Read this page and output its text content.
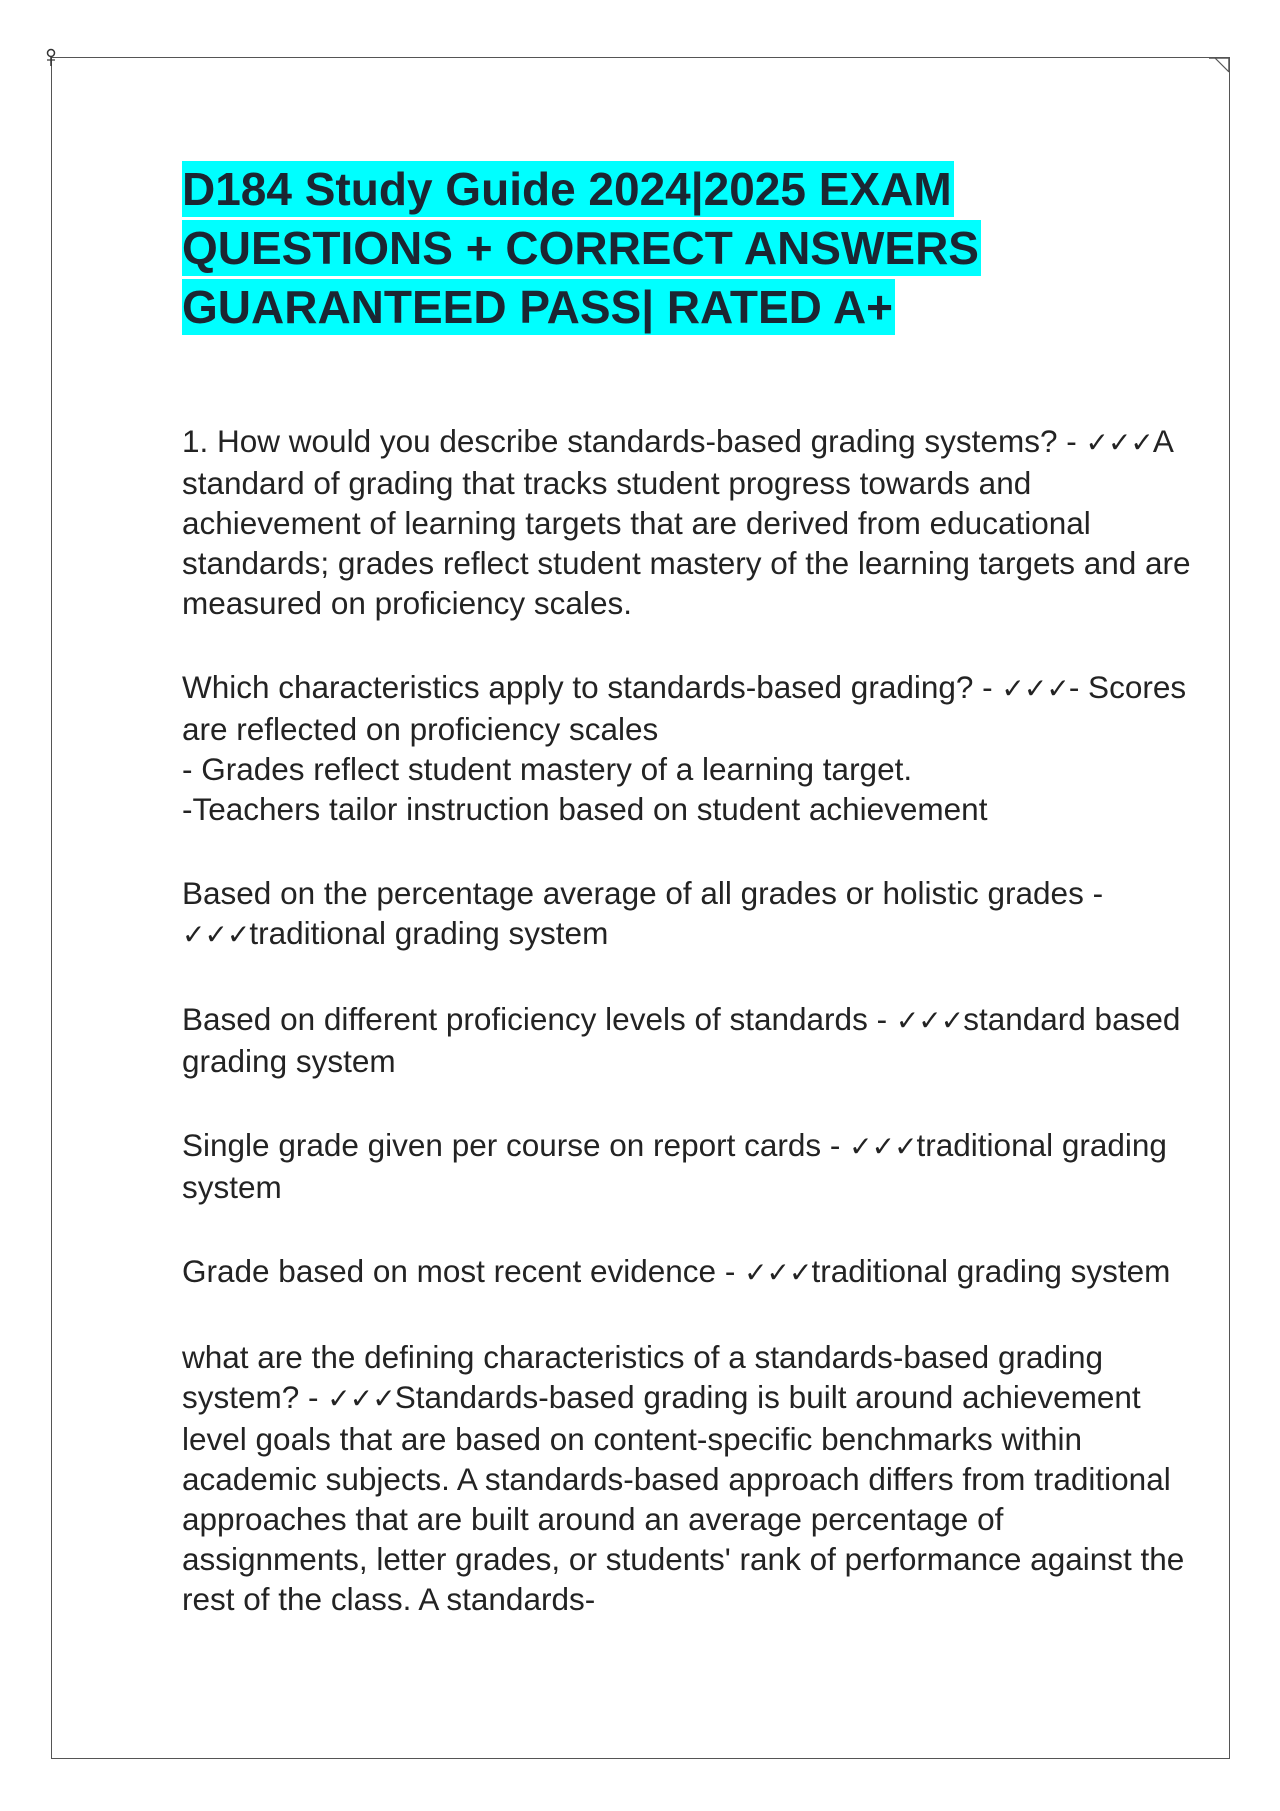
D184 Study Guide 2024|2025 EXAM
QUESTIONS + CORRECT ANSWERS
GUARANTEED PASS| RATED A+
1. How would you describe standards-based grading systems? - ✓✓✓A standard of grading that tracks student progress towards and achievement of learning targets that are derived from educational standards; grades reflect student mastery of the learning targets and are measured on proficiency scales.
Which characteristics apply to standards-based grading? - ✓✓✓- Scores are reflected on proficiency scales
- Grades reflect student mastery of a learning target.
-Teachers tailor instruction based on student achievement
Based on the percentage average of all grades or holistic grades - ✓✓✓traditional grading system
Based on different proficiency levels of standards - ✓✓✓standard based grading system
Single grade given per course on report cards - ✓✓✓traditional grading system
Grade based on most recent evidence - ✓✓✓traditional grading system
what are the defining characteristics of a standards-based grading system? - ✓✓✓Standards-based grading is built around achievement level goals that are based on content-specific benchmarks within academic subjects. A standards-based approach differs from traditional approaches that are built around an average percentage of assignments, letter grades, or students' rank of performance against the rest of the class. A standards-
